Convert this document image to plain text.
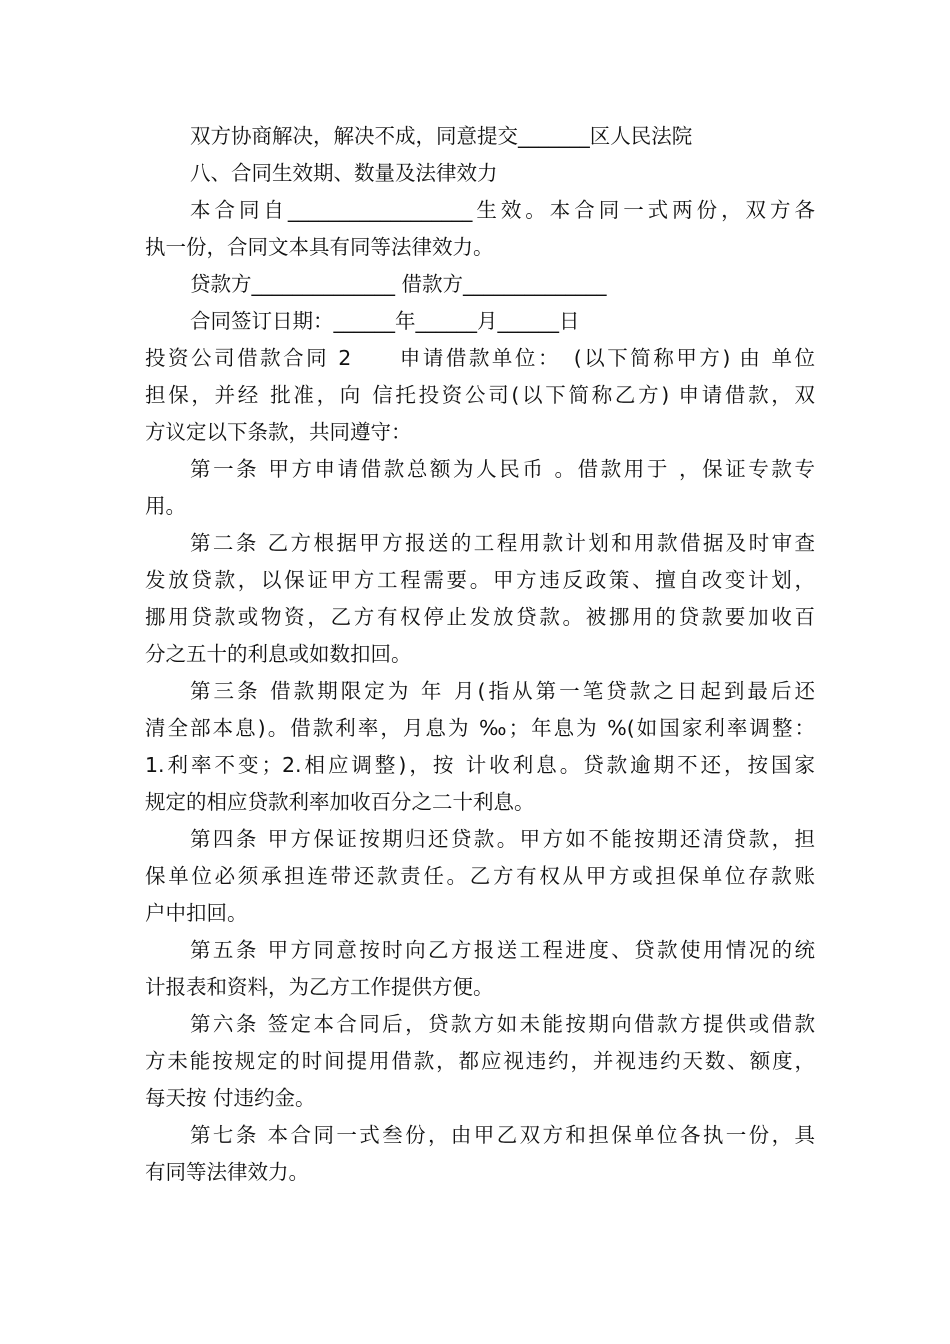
双方协商解决，解决不成，同意提交_______区人民法院
八、合同生效期、数量及法律效力
本合同自__________________生效。本合同一式两份，双方各
执一份，合同文本具有同等法律效力。
贷款方______________ 借款方______________
合同签订日期：______年______月______日
投资公司借款合同 2　　申请借款单位：　(以下简称甲方) 由 单位
担保，并经 批准，向 信托投资公司(以下简称乙方) 申请借款，双
方议定以下条款，共同遵守：
第一条 甲方申请借款总额为人民币 。借款用于 ，保证专款专
用。
第二条 乙方根据甲方报送的工程用款计划和用款借据及时审查
发放贷款，以保证甲方工程需要。甲方违反政策、擅自改变计划，
挪用贷款或物资，乙方有权停止发放贷款。被挪用的贷款要加收百
分之五十的利息或如数扣回。
第三条 借款期限定为 年 月(指从第一笔贷款之日起到最后还
清全部本息)。借款利率，月息为 ‰；年息为 %(如国家利率调整：
1.利率不变；2.相应调整)，按 计收利息。贷款逾期不还，按国家
规定的相应贷款利率加收百分之二十利息。
第四条 甲方保证按期归还贷款。甲方如不能按期还清贷款，担
保单位必须承担连带还款责任。乙方有权从甲方或担保单位存款账
户中扣回。
第五条 甲方同意按时向乙方报送工程进度、贷款使用情况的统
计报表和资料，为乙方工作提供方便。
第六条 签定本合同后，贷款方如未能按期向借款方提供或借款
方未能按规定的时间提用借款，都应视违约，并视违约天数、额度，
每天按 付违约金。
第七条 本合同一式叁份，由甲乙双方和担保单位各执一份，具
有同等法律效力。
